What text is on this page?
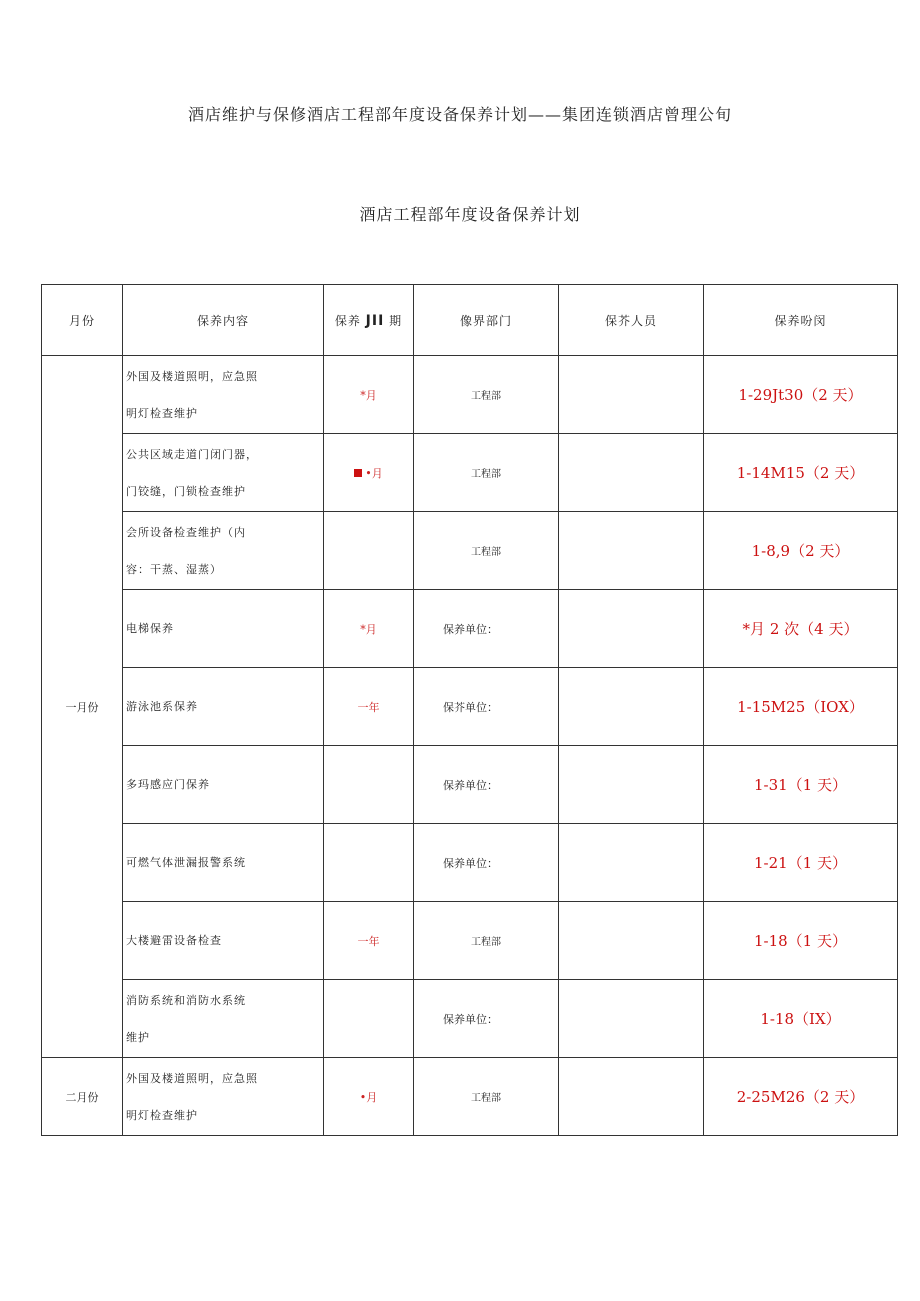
酒店维护与保修酒店工程部年度设备保养计划——集团连锁酒店曾理公旬
酒店工程部年度设备保养计划
月份	保养内容	保养 JII 期	像界部门	保芥人员	保养吩闵
一月份	外国及楼道照明，应急照
明灯检查维护	*月	工程部		1-29Jt30（2 天）

	公共区域走道门闭门器，
门铰缝，门锁检查维护	•月	工程部		1-14M15（2 天）

	会所设备检查维护（内
容：干蒸、湿蒸）		工程部		1-8,9（2 天）

	电梯保养	*月	保养单位：		*月 2 次（4 天）

	游泳池系保养	一年	保芥单位：		1-15M25（IOX）

	多玛感应门保养		保养单位：		1-31（1 天）

	可燃气体泄漏报警系统		保养单位：		1-21（1 天）

	大楼避雷设备检查	一年	工程部		1-18（1 天）

	消防系统和消防水系统
维护		保养单位：		1-18（IX）
二月份	外国及楼道照明，应急照
明灯检查维护	•月	工程部		2-25M26（2 天）
